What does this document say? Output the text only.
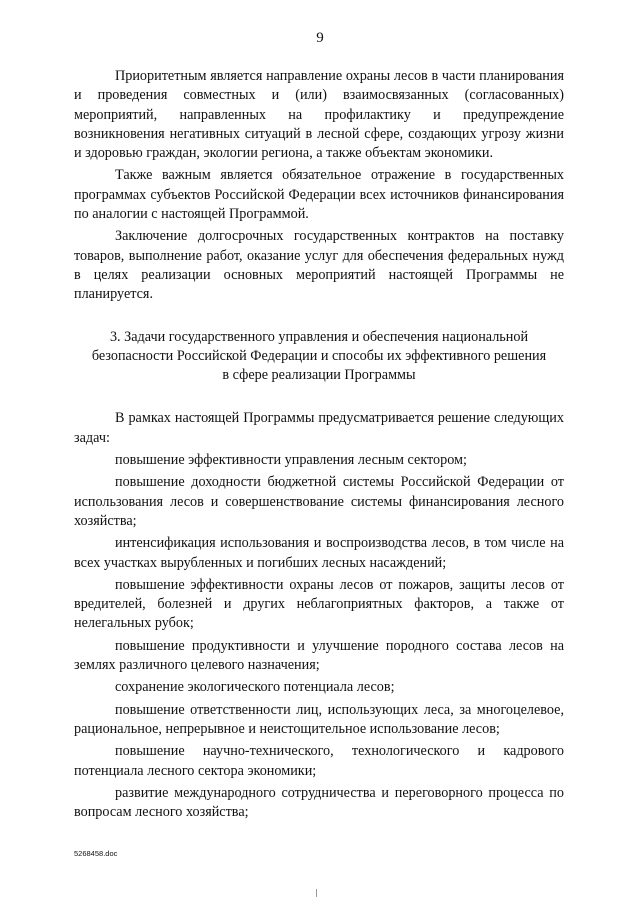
9

Приоритетным является направление охраны лесов в части планирования и проведения совместных и (или) взаимосвязанных (согласованных) мероприятий, направленных на профилактику и предупреждение возникновения негативных ситуаций в лесной сфере, создающих угрозу жизни и здоровью граждан, экологии региона, а также объектам экономики.

Также важным является обязательное отражение в государственных программах субъектов Российской Федерации всех источников финансирования по аналогии с настоящей Программой.

Заключение долгосрочных государственных контрактов на поставку товаров, выполнение работ, оказание услуг для обеспечения федеральных нужд в целях реализации основных мероприятий настоящей Программы не планируется.

3. Задачи государственного управления и обеспечения национальной
безопасности Российской Федерации и способы их эффективного решения
в сфере реализации Программы

В рамках настоящей Программы предусматривается решение следующих задач:

повышение эффективности управления лесным сектором;

повышение доходности бюджетной системы Российской Федерации от использования лесов и совершенствование системы финансирования лесного хозяйства;

интенсификация использования и воспроизводства лесов, в том числе на всех участках вырубленных и погибших лесных насаждений;

повышение эффективности охраны лесов от пожаров, защиты лесов от вредителей, болезней и других неблагоприятных факторов, а также от нелегальных рубок;

повышение продуктивности и улучшение породного состава лесов на землях различного целевого назначения;

сохранение экологического потенциала лесов;

повышение ответственности лиц, использующих леса, за многоцелевое, рациональное, непрерывное и неистощительное использование лесов;

повышение научно-технического, технологического и кадрового потенциала лесного сектора экономики;

развитие международного сотрудничества и переговорного процесса по вопросам лесного хозяйства;

5268458.doc
